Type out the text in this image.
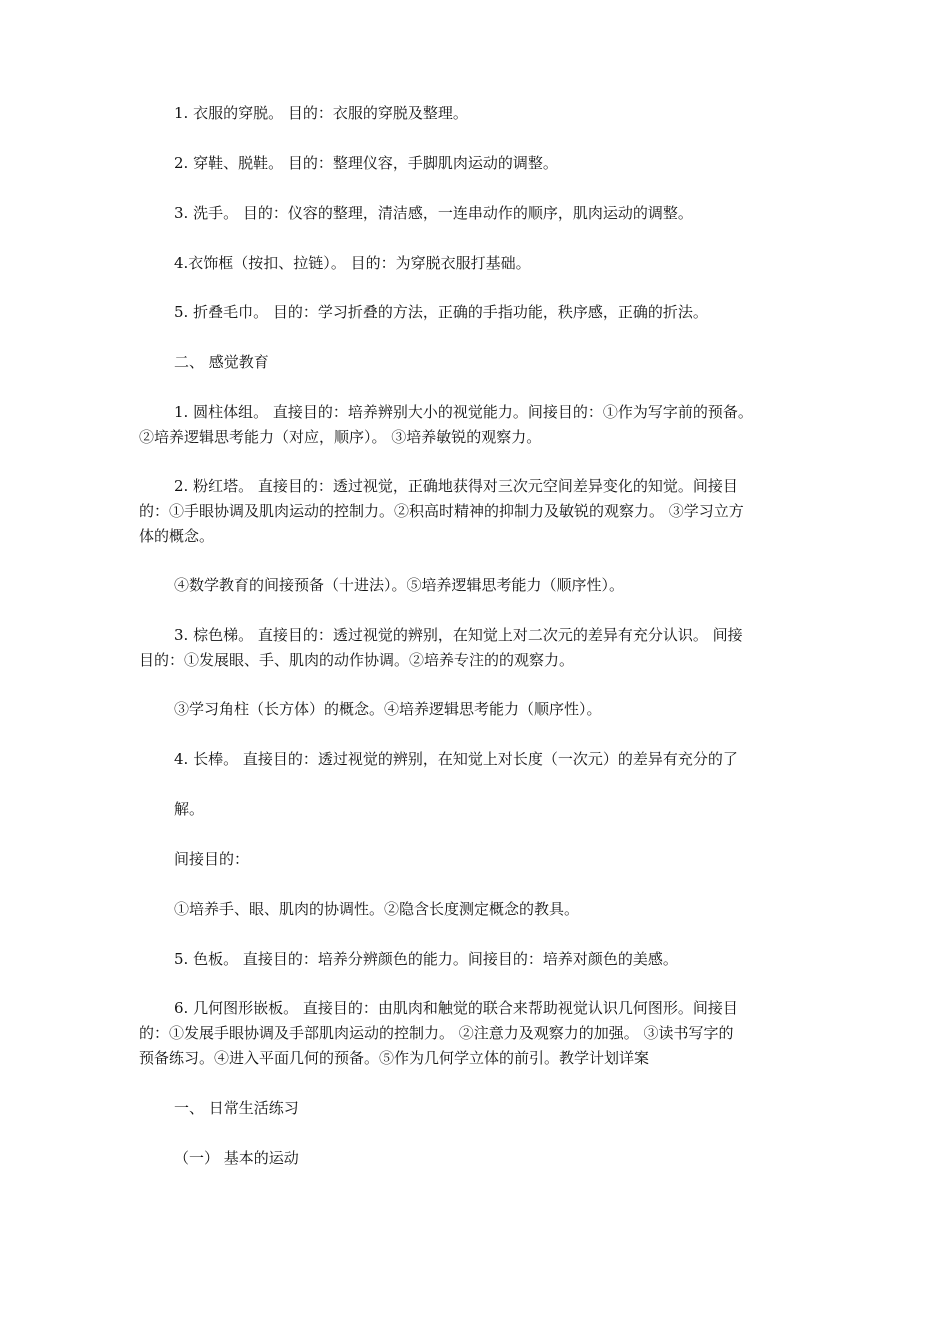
1. 衣服的穿脱。 目的：衣服的穿脱及整理。
2. 穿鞋、脱鞋。 目的：整理仪容，手脚肌肉运动的调整。
3. 洗手。 目的：仪容的整理，清洁感，一连串动作的顺序，肌肉运动的调整。
4.衣饰框（按扣、拉链）。 目的：为穿脱衣服打基础。
5. 折叠毛巾。 目的：学习折叠的方法，正确的手指功能，秩序感，正确的折法。
二、 感觉教育
1. 圆柱体组。 直接目的：培养辨别大小的视觉能力。间接目的：①作为写字前的预备。
②培养逻辑思考能力（对应，顺序）。 ③培养敏锐的观察力。
2. 粉红塔。 直接目的：透过视觉，正确地获得对三次元空间差异变化的知觉。间接目
的：①手眼协调及肌肉运动的控制力。②积高时精神的抑制力及敏锐的观察力。 ③学习立方
体的概念。
④数学教育的间接预备（十进法）。⑤培养逻辑思考能力（顺序性）。
3. 棕色梯。 直接目的：透过视觉的辨别，在知觉上对二次元的差异有充分认识。 间接
目的：①发展眼、手、肌肉的动作协调。②培养专注的的观察力。
③学习角柱（长方体）的概念。④培养逻辑思考能力（顺序性）。
4. 长棒。 直接目的：透过视觉的辨别，在知觉上对长度（一次元）的差异有充分的了
解。
间接目的：
①培养手、眼、肌肉的协调性。②隐含长度测定概念的教具。
5. 色板。 直接目的：培养分辨颜色的能力。间接目的：培养对颜色的美感。
6. 几何图形嵌板。 直接目的：由肌肉和触觉的联合来帮助视觉认识几何图形。间接目
的：①发展手眼协调及手部肌肉运动的控制力。 ②注意力及观察力的加强。 ③读书写字的
预备练习。④进入平面几何的预备。⑤作为几何学立体的前引。教学计划详案
一、 日常生活练习
（一） 基本的运动
